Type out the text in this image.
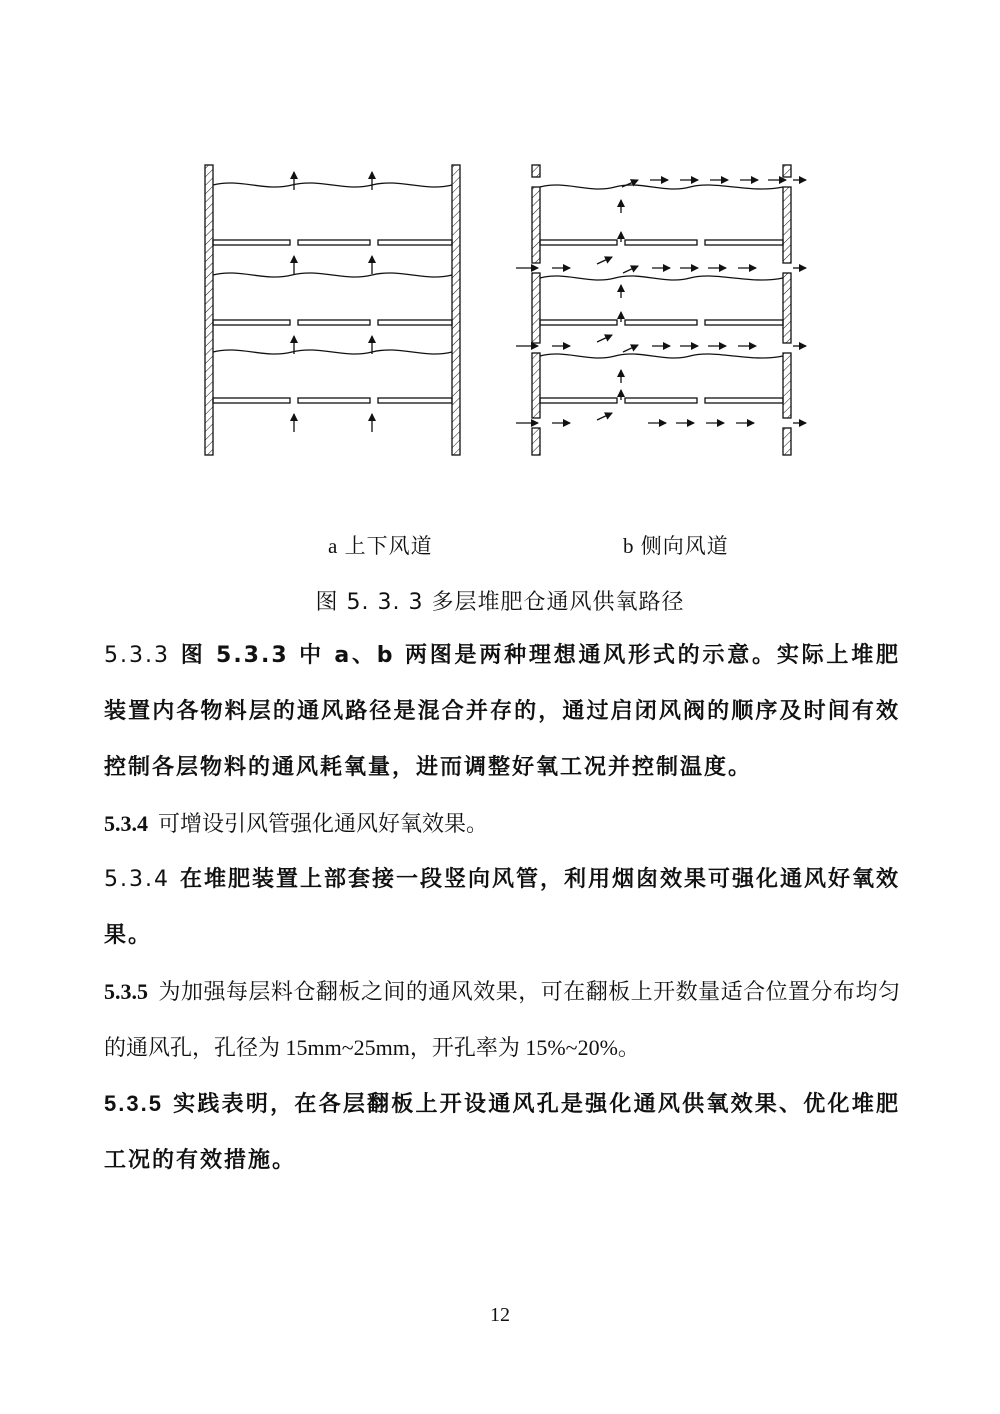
a 上下风道	b 侧向风道
图 5. 3. 3 多层堆肥仓通风供氧路径
5.3.3 图 5.3.3 中 a、b 两图是两种理想通风形式的示意。实际上堆肥装置内各物料层的通风路径是混合并存的，通过启闭风阀的顺序及时间有效控制各层物料的通风耗氧量，进而调整好氧工况并控制温度。
5.3.4 可增设引风管强化通风好氧效果。
5.3.4 在堆肥装置上部套接一段竖向风管，利用烟囱效果可强化通风好氧效果。
5.3.5 为加强每层料仓翻板之间的通风效果，可在翻板上开数量适合位置分布均匀的通风孔，孔径为 15mm~25mm，开孔率为 15%~20%。
5.3.5 实践表明，在各层翻板上开设通风孔是强化通风供氧效果、优化堆肥工况的有效措施。
12
